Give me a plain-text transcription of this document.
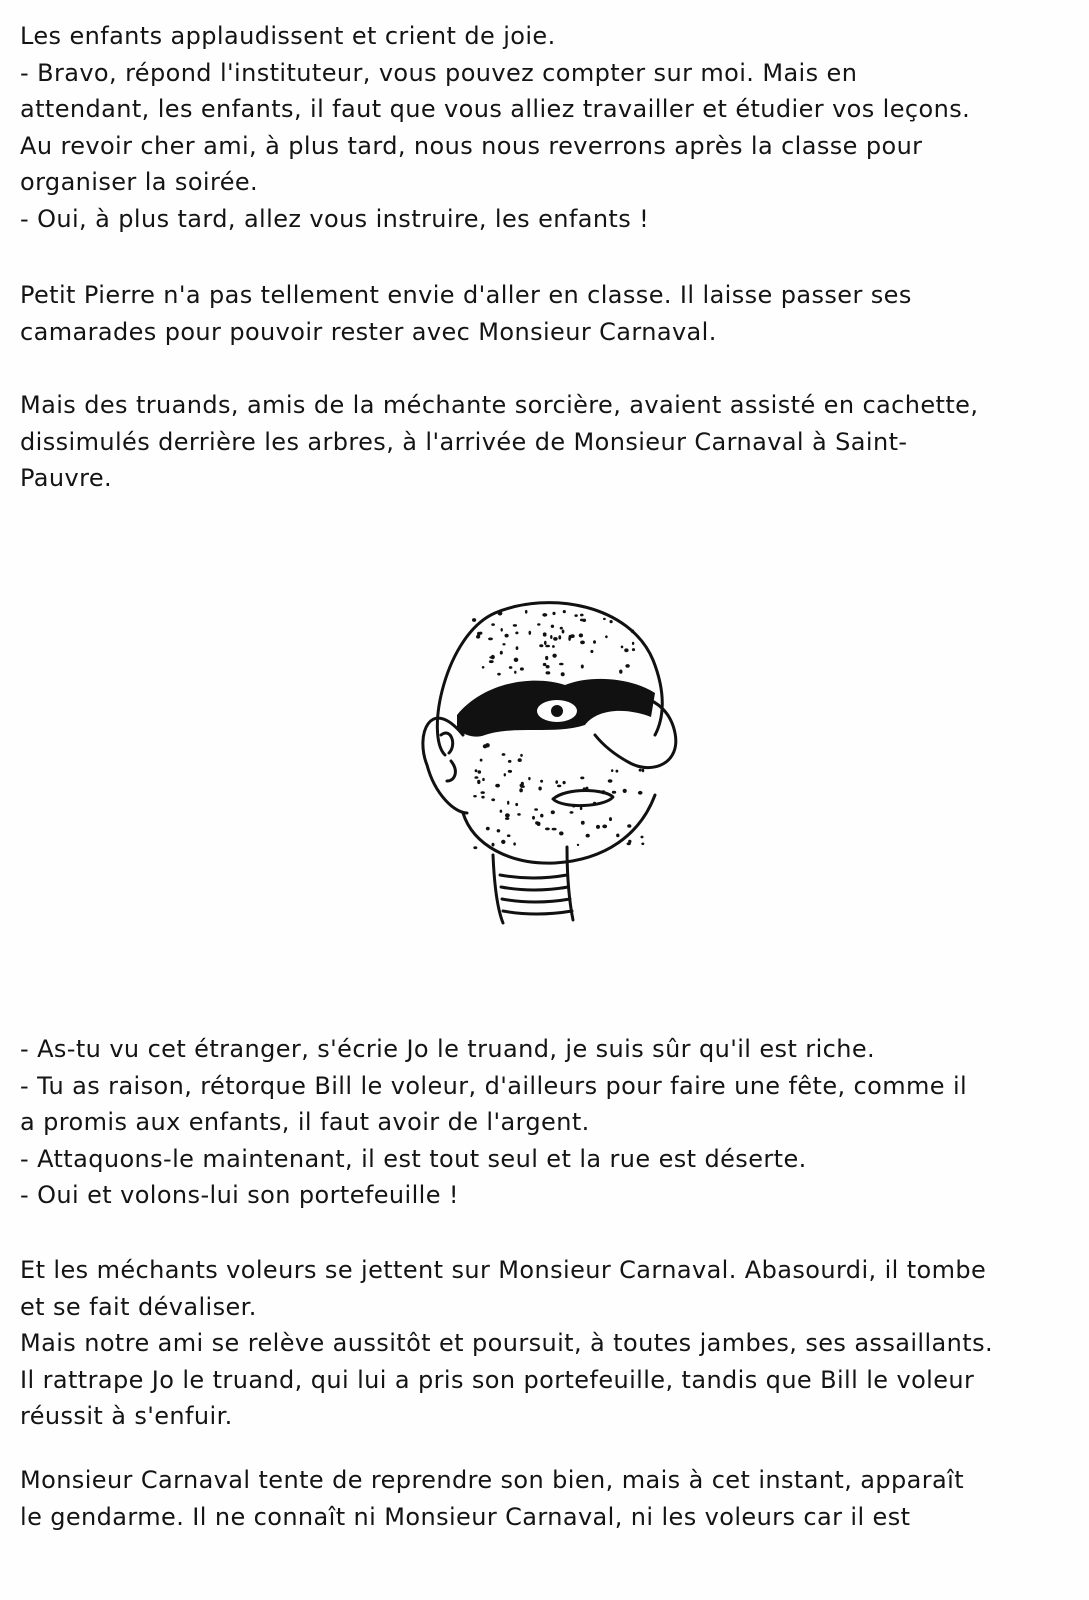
Les enfants applaudissent et crient de joie.
- Bravo, répond l'instituteur, vous pouvez compter sur moi. Mais en
attendant, les enfants, il faut que vous alliez travailler et étudier vos leçons.
Au revoir cher ami, à plus tard, nous nous reverrons après la classe pour
organiser la soirée.
- Oui, à plus tard, allez vous instruire, les enfants !

Petit Pierre n'a pas tellement envie d'aller en classe. Il laisse passer ses
camarades pour pouvoir rester avec Monsieur Carnaval.

Mais des truands, amis de la méchante sorcière, avaient assisté en cachette,
dissimulés derrière les arbres, à l'arrivée de Monsieur Carnaval à Saint-
Pauvre.

- As-tu vu cet étranger, s'écrie Jo le truand, je suis sûr qu'il est riche.
- Tu as raison, rétorque Bill le voleur, d'ailleurs pour faire une fête, comme il
a promis aux enfants, il faut avoir de l'argent.
- Attaquons-le maintenant, il est tout seul et la rue est déserte.
- Oui et volons-lui son portefeuille !

Et les méchants voleurs se jettent sur Monsieur Carnaval. Abasourdi, il tombe
et se fait dévaliser.
Mais notre ami se relève aussitôt et poursuit, à toutes jambes, ses assaillants.
Il rattrape Jo le truand, qui lui a pris son portefeuille, tandis que Bill le voleur
réussit à s'enfuir.

Monsieur Carnaval tente de reprendre son bien, mais à cet instant, apparaît
le gendarme. Il ne connaît ni Monsieur Carnaval, ni les voleurs car il est
